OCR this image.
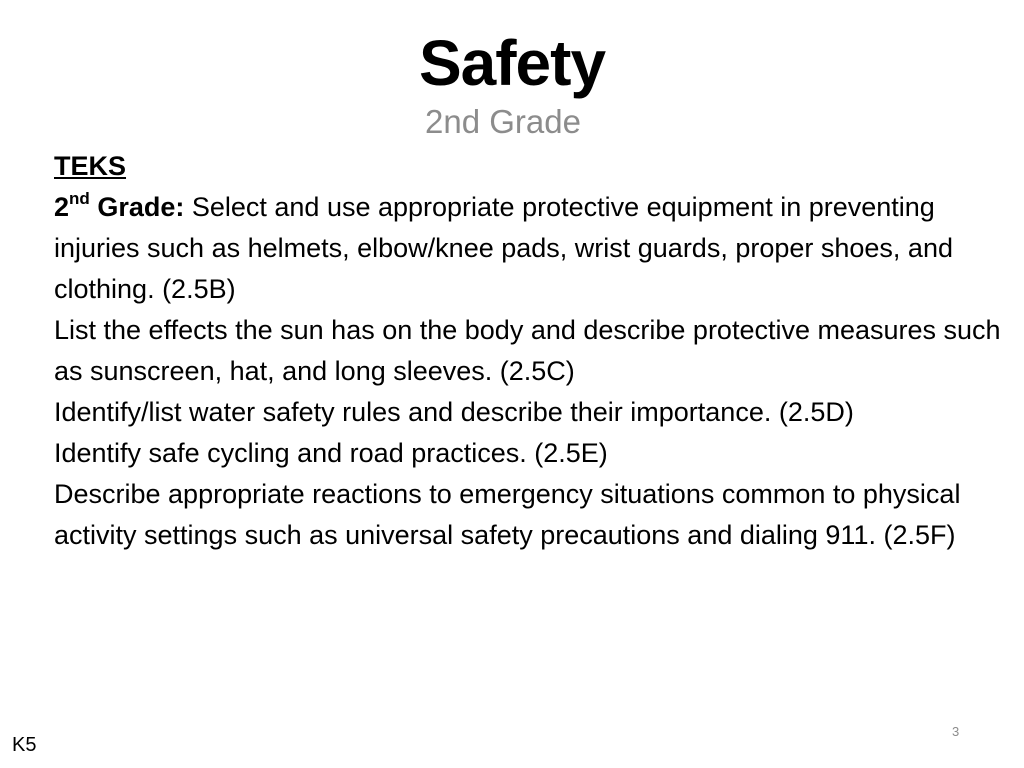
Safety
2nd Grade

TEKS

2nd Grade: Select and use appropriate protective equipment in preventing injuries such as helmets, elbow/knee pads, wrist guards, proper shoes, and clothing. (2.5B)

List the effects the sun has on the body and describe protective measures such as sunscreen, hat, and long sleeves. (2.5C)

Identify/list water safety rules and describe their importance. (2.5D)

Identify safe cycling and road practices. (2.5E)

Describe appropriate reactions to emergency situations common to physical activity settings such as universal safety precautions and dialing 911. (2.5F)

3
K5
